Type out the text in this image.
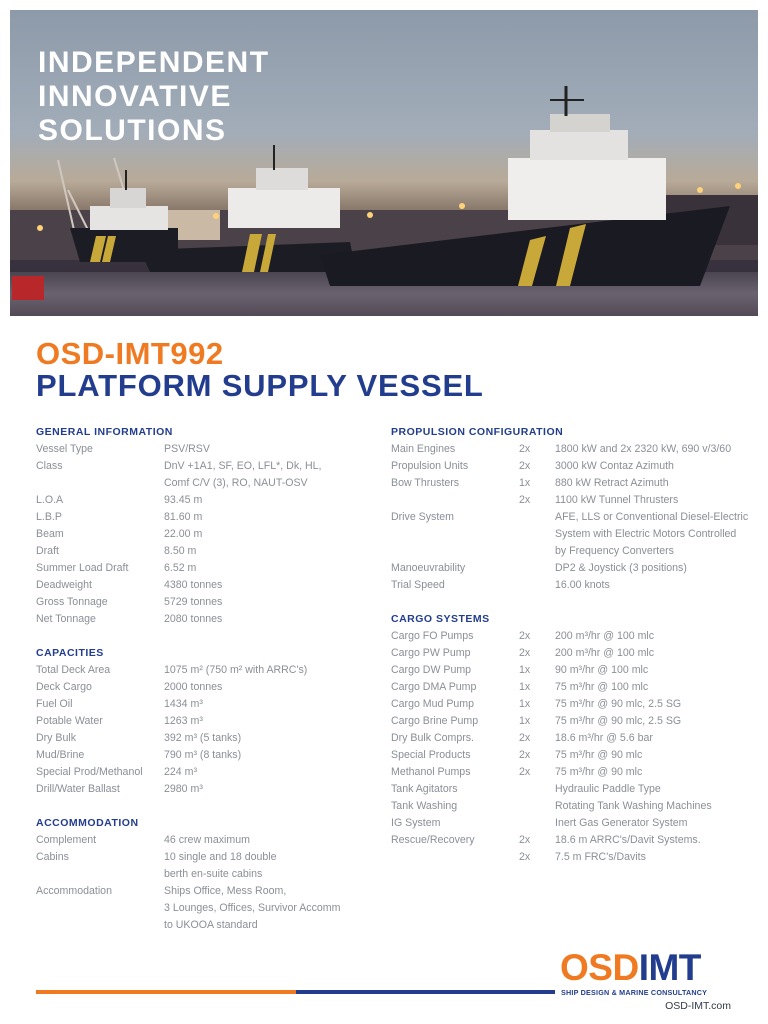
INDEPENDENT
INNOVATIVE
SOLUTIONS
OSD-IMT992
PLATFORM SUPPLY VESSEL
GENERAL INFORMATION
Vessel Type	PSV/RSV
Class	DnV +1A1, SF, EO, LFL*, Dk, HL,
Comf C/V (3), RO, NAUT-OSV
L.O.A	93.45 m
L.B.P	81.60 m
Beam	22.00 m
Draft	8.50 m
Summer Load Draft	6.52 m
Deadweight	4380 tonnes
Gross Tonnage	5729 tonnes
Net Tonnage	2080 tonnes
CAPACITIES
Total Deck Area	1075 m² (750 m² with ARRC's)
Deck Cargo	2000 tonnes
Fuel Oil	1434 m³
Potable Water	1263 m³
Dry Bulk	392 m³ (5 tanks)
Mud/Brine	790 m³ (8 tanks)
Special Prod/Methanol	224 m³
Drill/Water Ballast	2980 m³
ACCOMMODATION
Complement	46 crew maximum
Cabins	10 single and 18 double
berth en-suite cabins
Accommodation	Ships Office, Mess Room,
3 Lounges, Offices, Survivor Accomm
to UKOOA standard
PROPULSION CONFIGURATION
Main Engines	2x	1800 kW and 2x 2320 kW, 690 v/3/60
Propulsion Units	2x	3000 kW Contaz Azimuth
Bow Thrusters	1x	880 kW Retract Azimuth
2x	1100 kW Tunnel Thrusters
Drive System	AFE, LLS or Conventional Diesel-Electric
System with Electric Motors Controlled
by Frequency Converters
Manoeuvrability	DP2 & Joystick (3 positions)
Trial Speed	16.00 knots
CARGO SYSTEMS
Cargo FO Pumps	2x	200 m³/hr @ 100 mlc
Cargo PW Pump	2x	200 m³/hr @ 100 mlc
Cargo DW Pump	1x	90 m³/hr @ 100 mlc
Cargo DMA Pump	1x	75 m³/hr @ 100 mlc
Cargo Mud Pump	1x	75 m³/hr @ 90 mlc, 2.5 SG
Cargo Brine Pump	1x	75 m³/hr @ 90 mlc, 2.5 SG
Dry Bulk Comprs.	2x	18.6 m³/hr @ 5.6 bar
Special Products	2x	75 m³/hr @ 90 mlc
Methanol Pumps	2x	75 m³/hr @ 90 mlc
Tank Agitators	Hydraulic Paddle Type
Tank Washing	Rotating Tank Washing Machines
IG System	Inert Gas Generator System
Rescue/Recovery	2x	18.6 m ARRC's/Davit Systems.
2x	7.5 m FRC's/Davits
OSDIMT
SHIP DESIGN & MARINE CONSULTANCY
OSD-IMT.com
